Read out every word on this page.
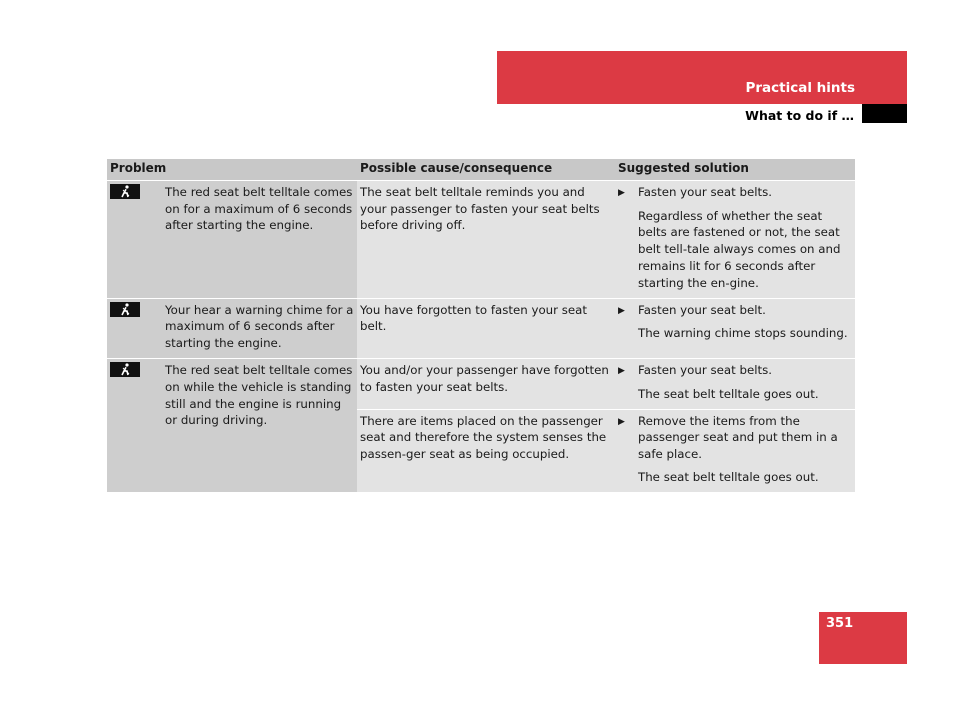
Practical hints
What to do if …
Problem		Possible cause/consequence	Suggested solution

	The red seat belt telltale comes on for a maximum of 6 seconds after starting the engine.	The seat belt telltale reminds you and your passenger to fasten your seat belts before driving off.	▶ Fasten your seat belts.
Regardless of whether the seat belts are fastened or not, the seat belt tell-tale always comes on and remains lit for 6 seconds after starting the en-gine.

	Your hear a warning chime for a maximum of 6 seconds after starting the engine.	You have forgotten to fasten your seat belt.	▶ Fasten your seat belt.
The warning chime stops sounding.

	The red seat belt telltale comes on while the vehicle is standing still and the engine is running or during driving.	You and/or your passenger have forgotten to fasten your seat belts.	▶ Fasten your seat belts.
The seat belt telltale goes out.

		There are items placed on the passenger seat and therefore the system senses the passen-ger seat as being occupied.	▶ Remove the items from the passenger seat and put them in a safe place.
The seat belt telltale goes out.
351
